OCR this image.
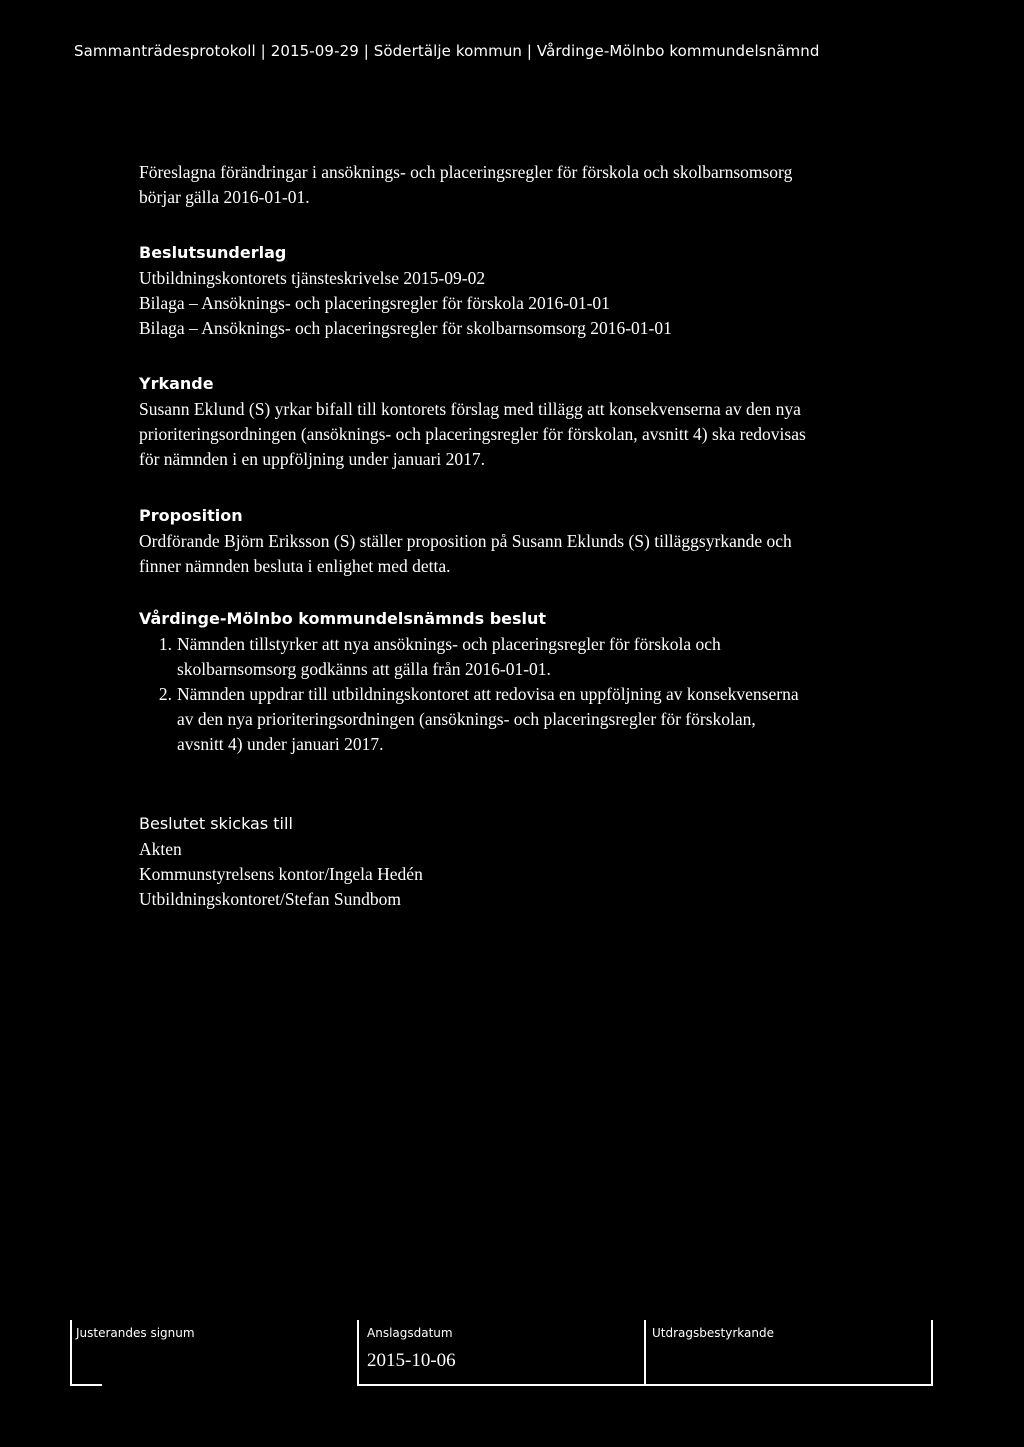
Sammanträdesprotokoll | 2015-09-29 | Södertälje kommun | Vårdinge-Mölnbo kommundelsnämnd
Föreslagna förändringar i ansöknings- och placeringsregler för förskola och skolbarnsomsorg
börjar gälla 2016-01-01.
Beslutsunderlag
Utbildningskontorets tjänsteskrivelse 2015-09-02
Bilaga – Ansöknings- och placeringsregler för förskola 2016-01-01
Bilaga – Ansöknings- och placeringsregler för skolbarnsomsorg 2016-01-01
Yrkande
Susann Eklund (S) yrkar bifall till kontorets förslag med tillägg att konsekvenserna av den nya
prioriteringsordningen (ansöknings- och placeringsregler för förskolan, avsnitt 4) ska redovisas
för nämnden i en uppföljning under januari 2017.
Proposition
Ordförande Björn Eriksson (S) ställer proposition på Susann Eklunds (S) tilläggsyrkande och
finner nämnden besluta i enlighet med detta.
Vårdinge-Mölnbo kommundelsnämnds beslut
1. Nämnden tillstyrker att nya ansöknings- och placeringsregler för förskola och
skolbarnsomsorg godkänns att gälla från 2016-01-01.
2. Nämnden uppdrar till utbildningskontoret att redovisa en uppföljning av konsekvenserna
av den nya prioriteringsordningen (ansöknings- och placeringsregler för förskolan,
avsnitt 4) under januari 2017.
Beslutet skickas till
Akten
Kommunstyrelsens kontor/Ingela Hedén
Utbildningskontoret/Stefan Sundbom
Justerandes signum	Anslagsdatum
2015-10-06
Utdragsbestyrkande
